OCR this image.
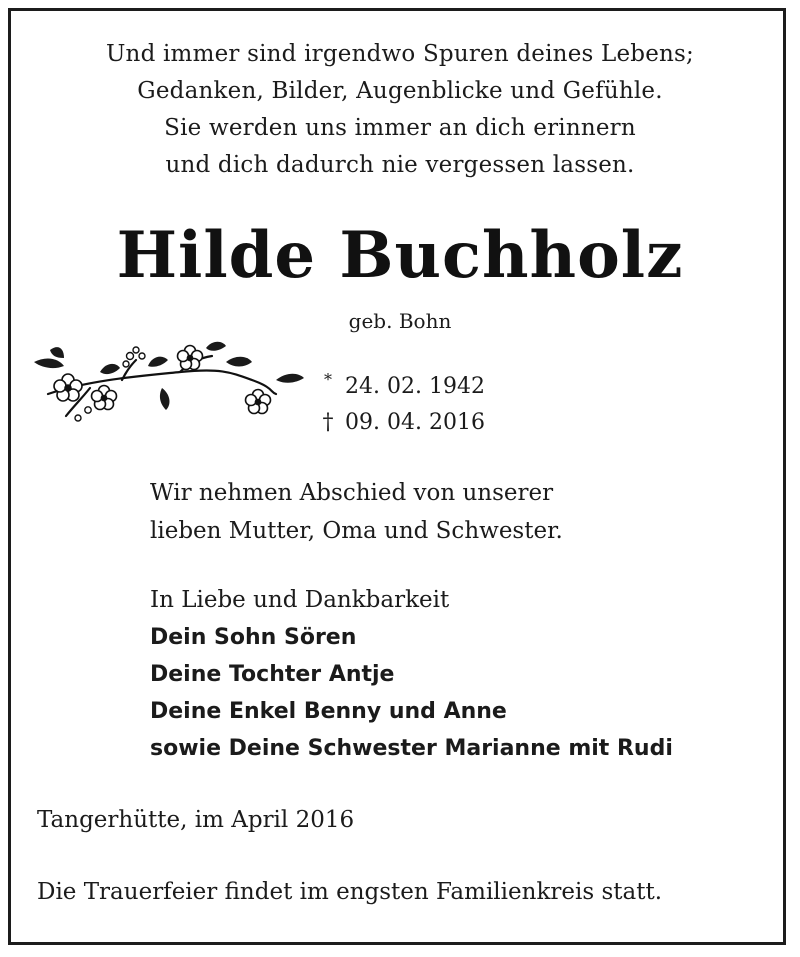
Und immer sind irgendwo Spuren deines Lebens;
Gedanken, Bilder, Augenblicke und Gefühle.
Sie werden uns immer an dich erinnern
und dich dadurch nie vergessen lassen.
Hilde Buchholz
geb. Bohn
* 24. 02. 1942
† 09. 04. 2016
Wir nehmen Abschied von unserer
lieben Mutter, Oma und Schwester.
In Liebe und Dankbarkeit
Dein Sohn Sören
Deine Tochter Antje
Deine Enkel Benny und Anne
sowie Deine Schwester Marianne mit Rudi
Tangerhütte, im April 2016
Die Trauerfeier findet im engsten Familienkreis statt.
